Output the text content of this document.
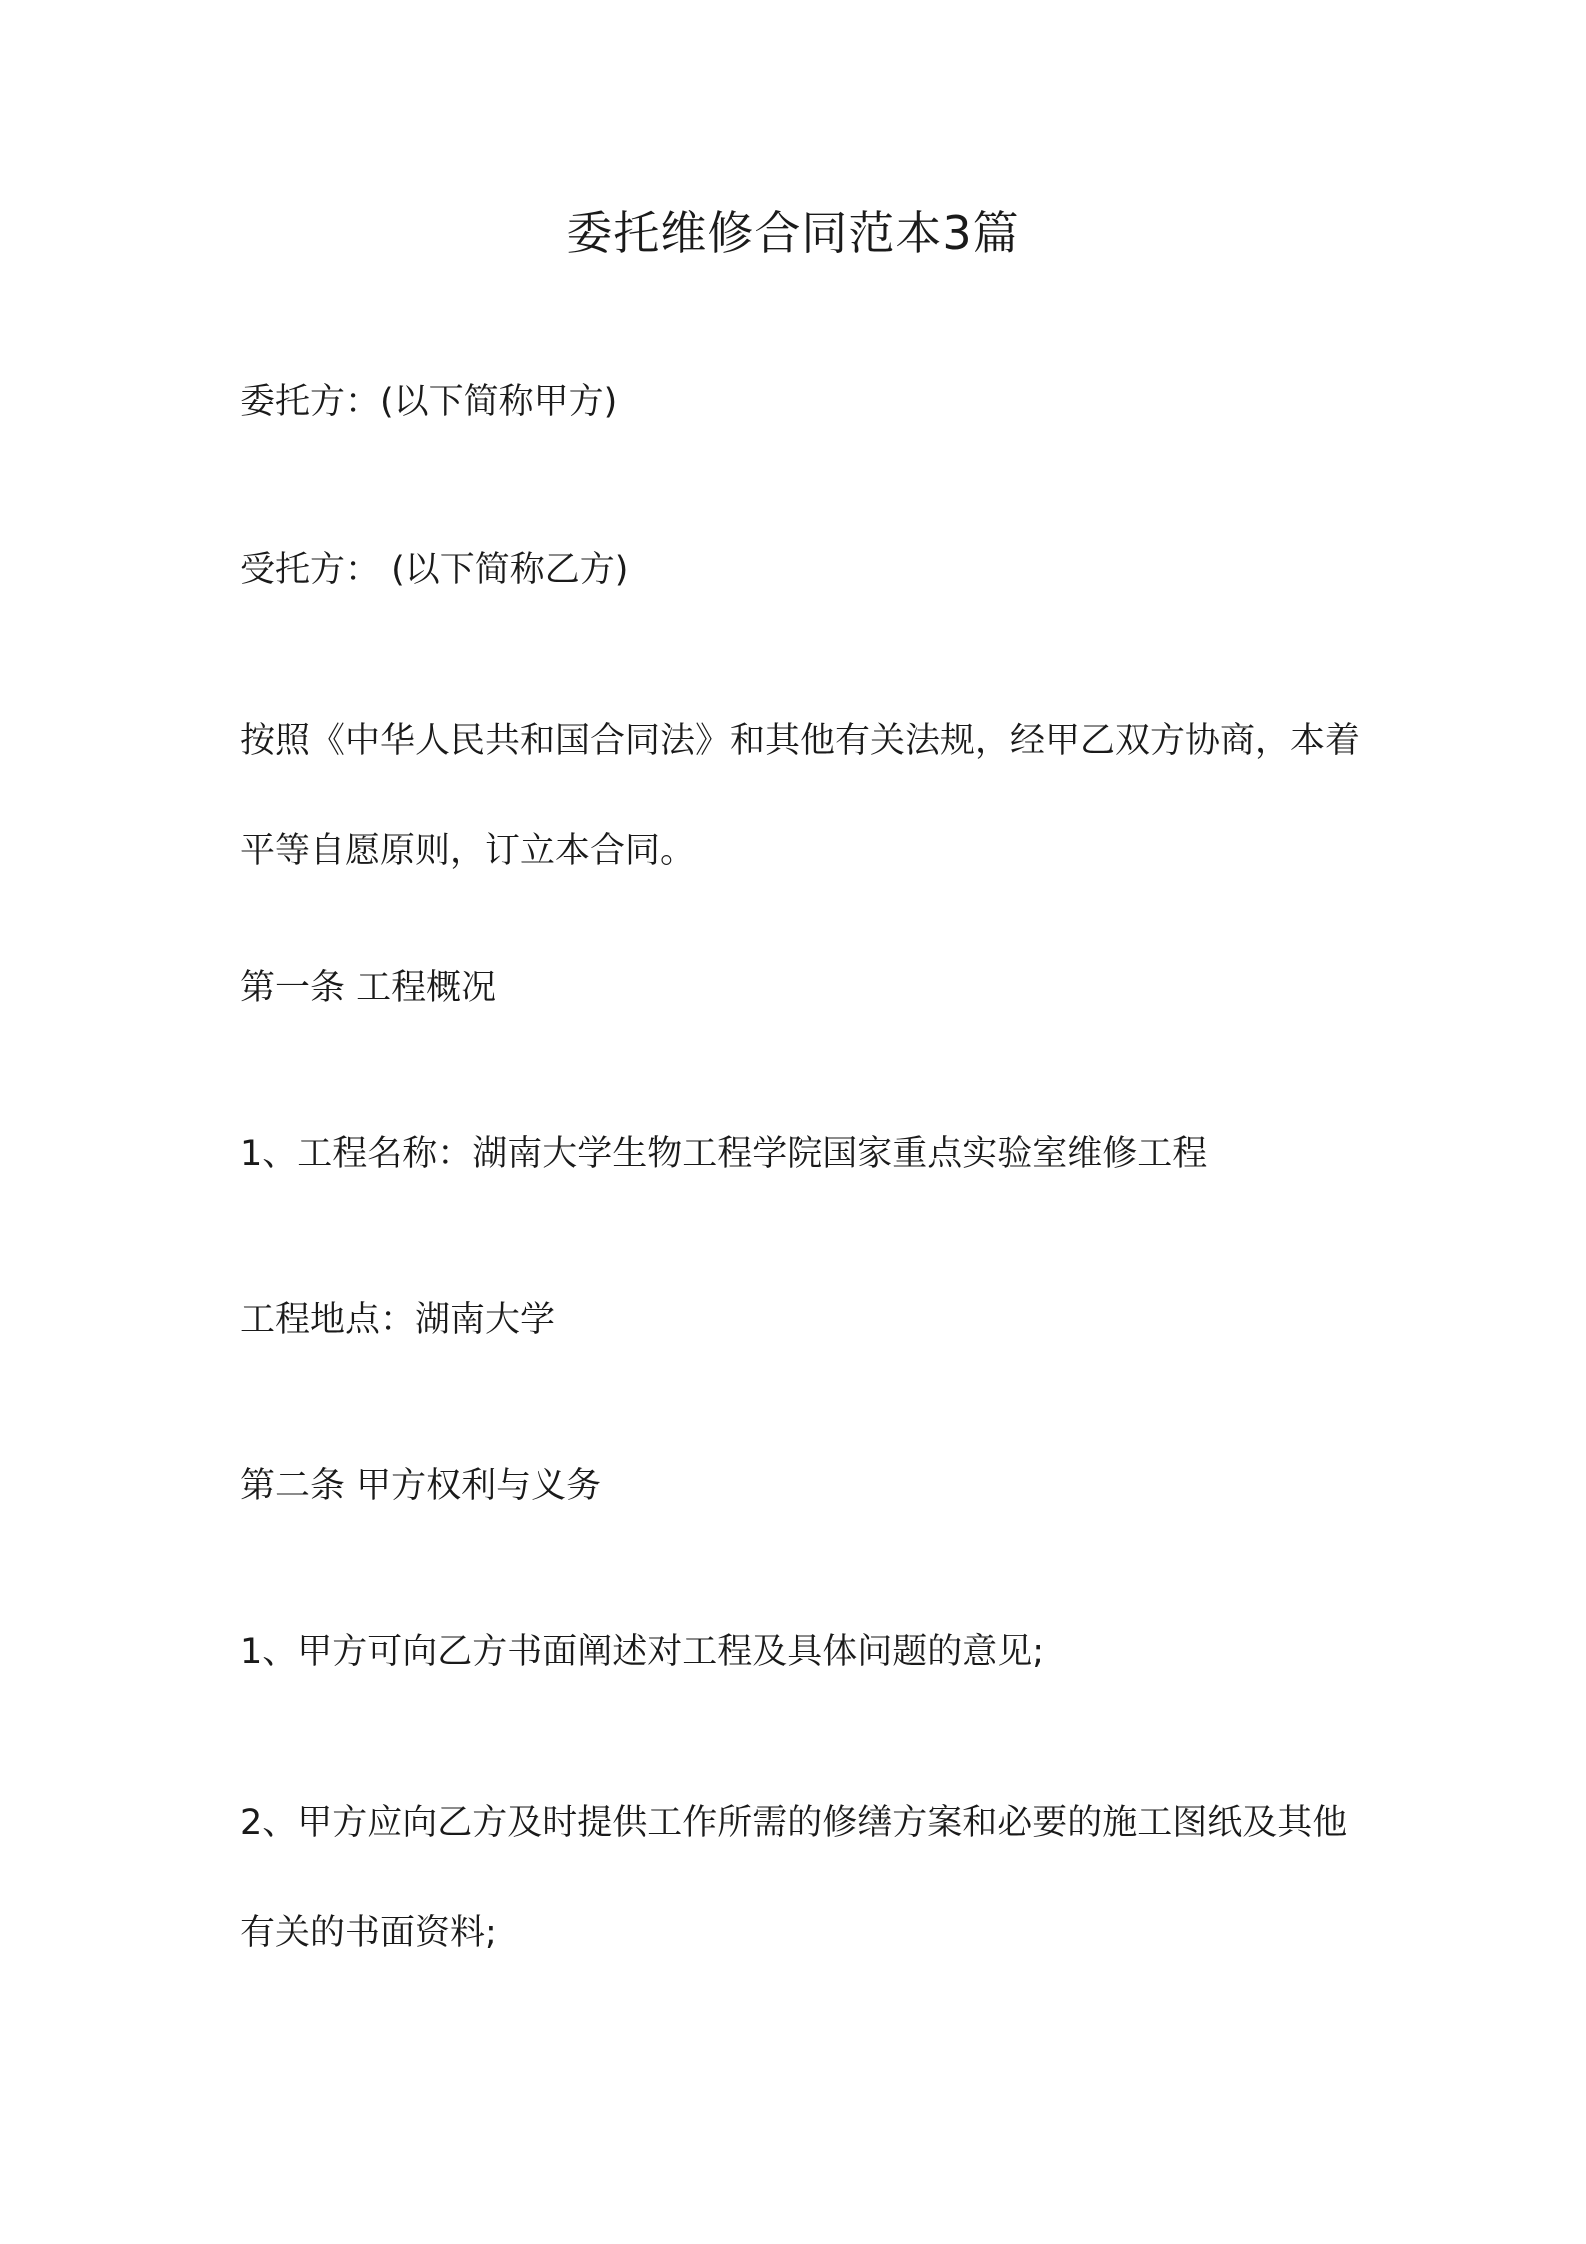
委托维修合同范本3篇

委托方：(以下简称甲方)

受托方： (以下简称乙方)

按照《中华人民共和国合同法》和其他有关法规，经甲乙双方协商，本着平等自愿原则，订立本合同。

第一条 工程概况

1、工程名称：湖南大学生物工程学院国家重点实验室维修工程

工程地点：湖南大学

第二条 甲方权利与义务

1、甲方可向乙方书面阐述对工程及具体问题的意见;

2、甲方应向乙方及时提供工作所需的修缮方案和必要的施工图纸及其他有关的书面资料;
